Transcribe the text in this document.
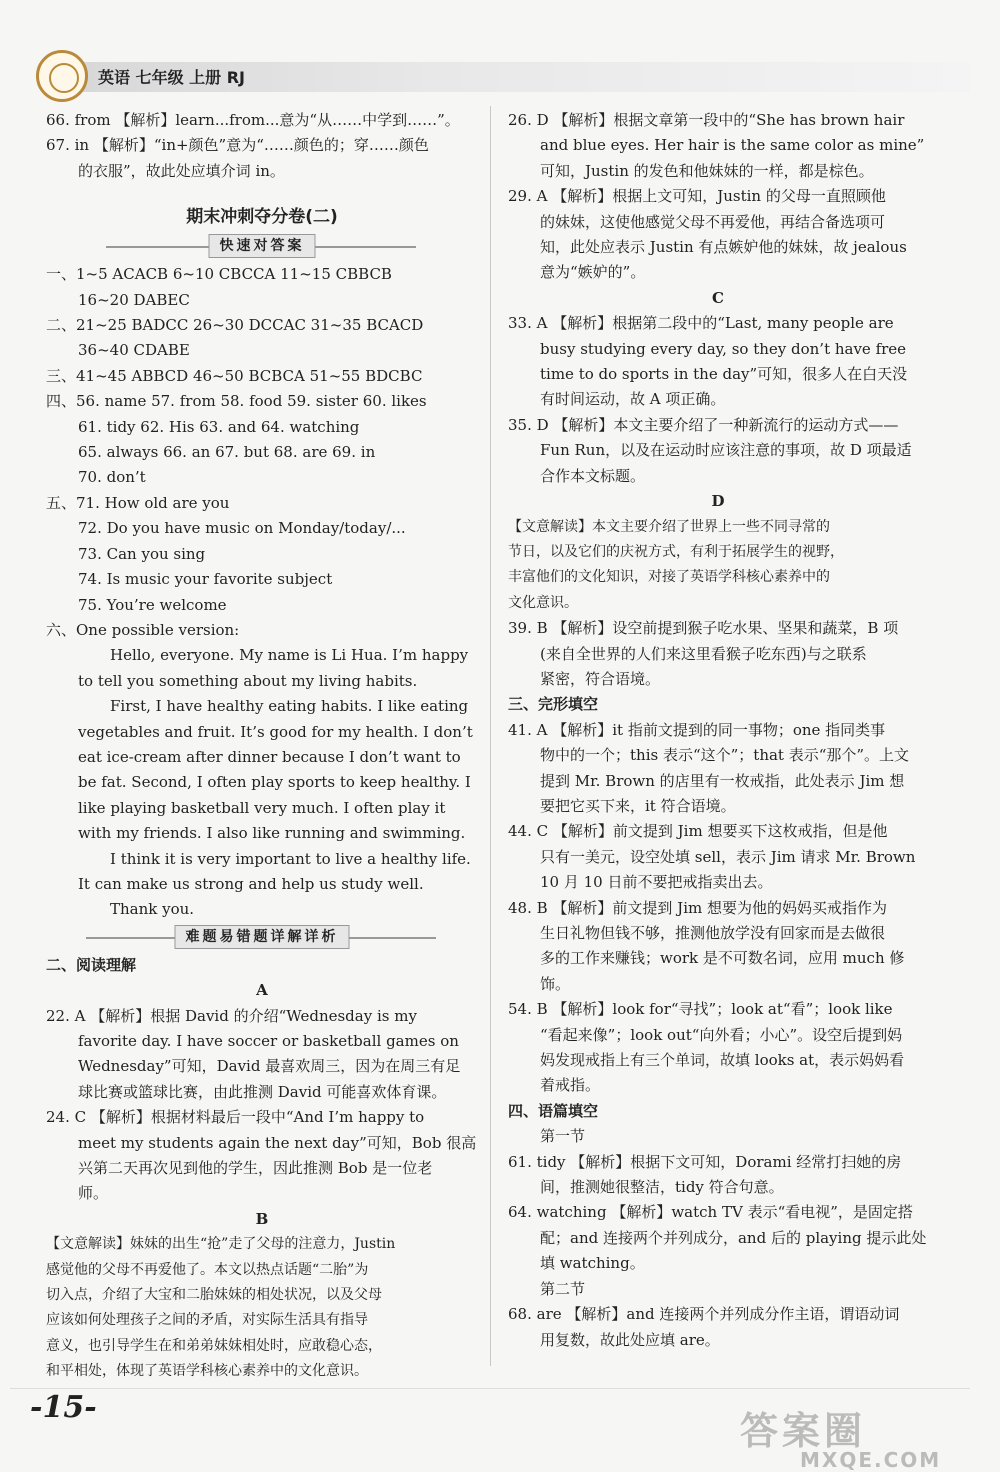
英语 七年级 上册 RJ
66. from 【解析】learn...from...意为“从……中学到……”。
67. in 【解析】“in+颜色”意为“……颜色的；穿……颜色
的衣服”，故此处应填介词 in。
期末冲刺夺分卷(二)
快速对答案
一、1~5 ACACB 6~10 CBCCA 11~15 CBBCB
16~20 DABEC
二、21~25 BADCC 26~30 DCCAC 31~35 BCACD
36~40 CDABE
三、41~45 ABBCD 46~50 BCBCA 51~55 BDCBC
四、56. name 57. from 58. food 59. sister 60. likes
61. tidy 62. His 63. and 64. watching
65. always 66. an 67. but 68. are 69. in
70. don’t
五、71. How old are you
72. Do you have music on Monday/today/...
73. Can you sing
74. Is music your favorite subject
75. You’re welcome
六、One possible version:
Hello, everyone. My name is Li Hua. I’m happy
to tell you something about my living habits.
First, I have healthy eating habits. I like eating
vegetables and fruit. It’s good for my health. I don’t
eat ice-cream after dinner because I don’t want to
be fat. Second, I often play sports to keep healthy. I
like playing basketball very much. I often play it
with my friends. I also like running and swimming.
I think it is very important to live a healthy life.
It can make us strong and help us study well.
Thank you.
难题易错题详解详析
二、阅读理解
A
22. A 【解析】根据 David 的介绍“Wednesday is my
favorite day. I have soccer or basketball games on
Wednesday”可知，David 最喜欢周三，因为在周三有足
球比赛或篮球比赛，由此推测 David 可能喜欢体育课。
24. C 【解析】根据材料最后一段中“And I’m happy to
meet my students again the next day”可知，Bob 很高
兴第二天再次见到他的学生，因此推测 Bob 是一位老
师。
B
【文意解读】妹妹的出生“抢”走了父母的注意力，Justin
感觉他的父母不再爱他了。本文以热点话题“二胎”为
切入点，介绍了大宝和二胎妹妹的相处状况，以及父母
应该如何处理孩子之间的矛盾，对实际生活具有指导
意义，也引导学生在和弟弟妹妹相处时，应敢稳心态，
和平相处，体现了英语学科核心素养中的文化意识。
26. D 【解析】根据文章第一段中的“She has brown hair
and blue eyes. Her hair is the same color as mine”
可知，Justin 的发色和他妹妹的一样，都是棕色。
29. A 【解析】根据上文可知，Justin 的父母一直照顾他
的妹妹，这使他感觉父母不再爱他，再结合备选项可
知，此处应表示 Justin 有点嫉妒他的妹妹，故 jealous
意为“嫉妒的”。
C
33. A 【解析】根据第二段中的“Last, many people are
busy studying every day, so they don’t have free
time to do sports in the day”可知，很多人在白天没
有时间运动，故 A 项正确。
35. D 【解析】本文主要介绍了一种新流行的运动方式——
Fun Run，以及在运动时应该注意的事项，故 D 项最适
合作本文标题。
D
【文意解读】本文主要介绍了世界上一些不同寻常的
节日，以及它们的庆祝方式，有利于拓展学生的视野，
丰富他们的文化知识，对接了英语学科核心素养中的
文化意识。
39. B 【解析】设空前提到猴子吃水果、坚果和蔬菜，B 项
(来自全世界的人们来这里看猴子吃东西)与之联系
紧密，符合语境。
三、完形填空
41. A 【解析】it 指前文提到的同一事物；one 指同类事
物中的一个；this 表示“这个”；that 表示“那个”。上文
提到 Mr. Brown 的店里有一枚戒指，此处表示 Jim 想
要把它买下来，it 符合语境。
44. C 【解析】前文提到 Jim 想要买下这枚戒指，但是他
只有一美元，设空处填 sell，表示 Jim 请求 Mr. Brown
10 月 10 日前不要把戒指卖出去。
48. B 【解析】前文提到 Jim 想要为他的妈妈买戒指作为
生日礼物但钱不够，推测他放学没有回家而是去做很
多的工作来赚钱；work 是不可数名词，应用 much 修
饰。
54. B 【解析】look for“寻找”；look at“看”；look like
“看起来像”；look out“向外看；小心”。设空后提到妈
妈发现戒指上有三个单词，故填 looks at，表示妈妈看
着戒指。
四、语篇填空
第一节
61. tidy 【解析】根据下文可知，Dorami 经常打扫她的房
间，推测她很整洁，tidy 符合句意。
64. watching 【解析】watch TV 表示“看电视”，是固定搭
配；and 连接两个并列成分，and 后的 playing 提示此处
填 watching。
第二节
68. are 【解析】and 连接两个并列成分作主语，谓语动词
用复数，故此处应填 are。
-15-
答案圈
MXQE.COM
